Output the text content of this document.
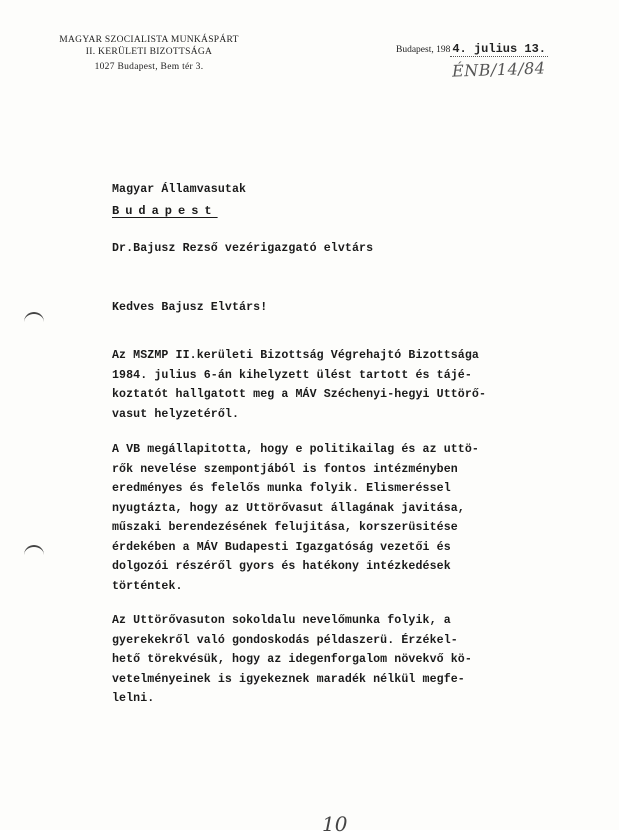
MAGYAR SZOCIALISTA MUNKÁSPÁRT
II. KERÜLETI BIZOTTSÁGA
1027 Budapest, Bem tér 3.
Budapest, 198 4. julius 13.
ÉNB/14/84

Magyar Államvasutak

Dr.Bajusz Rezső vezérigazgató elvtárs

Budapest
Kedves Bajusz Elvtárs!
Az MSZMP II.kerületi Bizottság Végrehajtó Bizottsága
1984. julius 6-án kihelyzett ülést tartott és tájé-
koztatót hallgatott meg a MÁV Széchenyi-hegyi Uttörő-
vasut helyzetéről.
A VB megállapitotta, hogy e politikailag és az uttö-
rők nevelése szempontjából is fontos intézményben
eredményes és felelős munka folyik. Elismeréssel
nyugtázta, hogy az Uttörővasut állagának javitása,
műszaki berendezésének felujitása, korszerüsitése
érdekében a MÁV Budapesti Igazgatóság vezetői és
dolgozói részéről gyors és hatékony intézkedések
történtek.
Az Uttörővasuton sokoldalu nevelőmunka folyik, a
gyerekekről való gondoskodás példaszerü. Érzékel-
hető törekvésük, hogy az idegenforgalom növekvő kö-
vetelményeinek is igyekeznek maradék nélkül megfe-
lelni.
10
